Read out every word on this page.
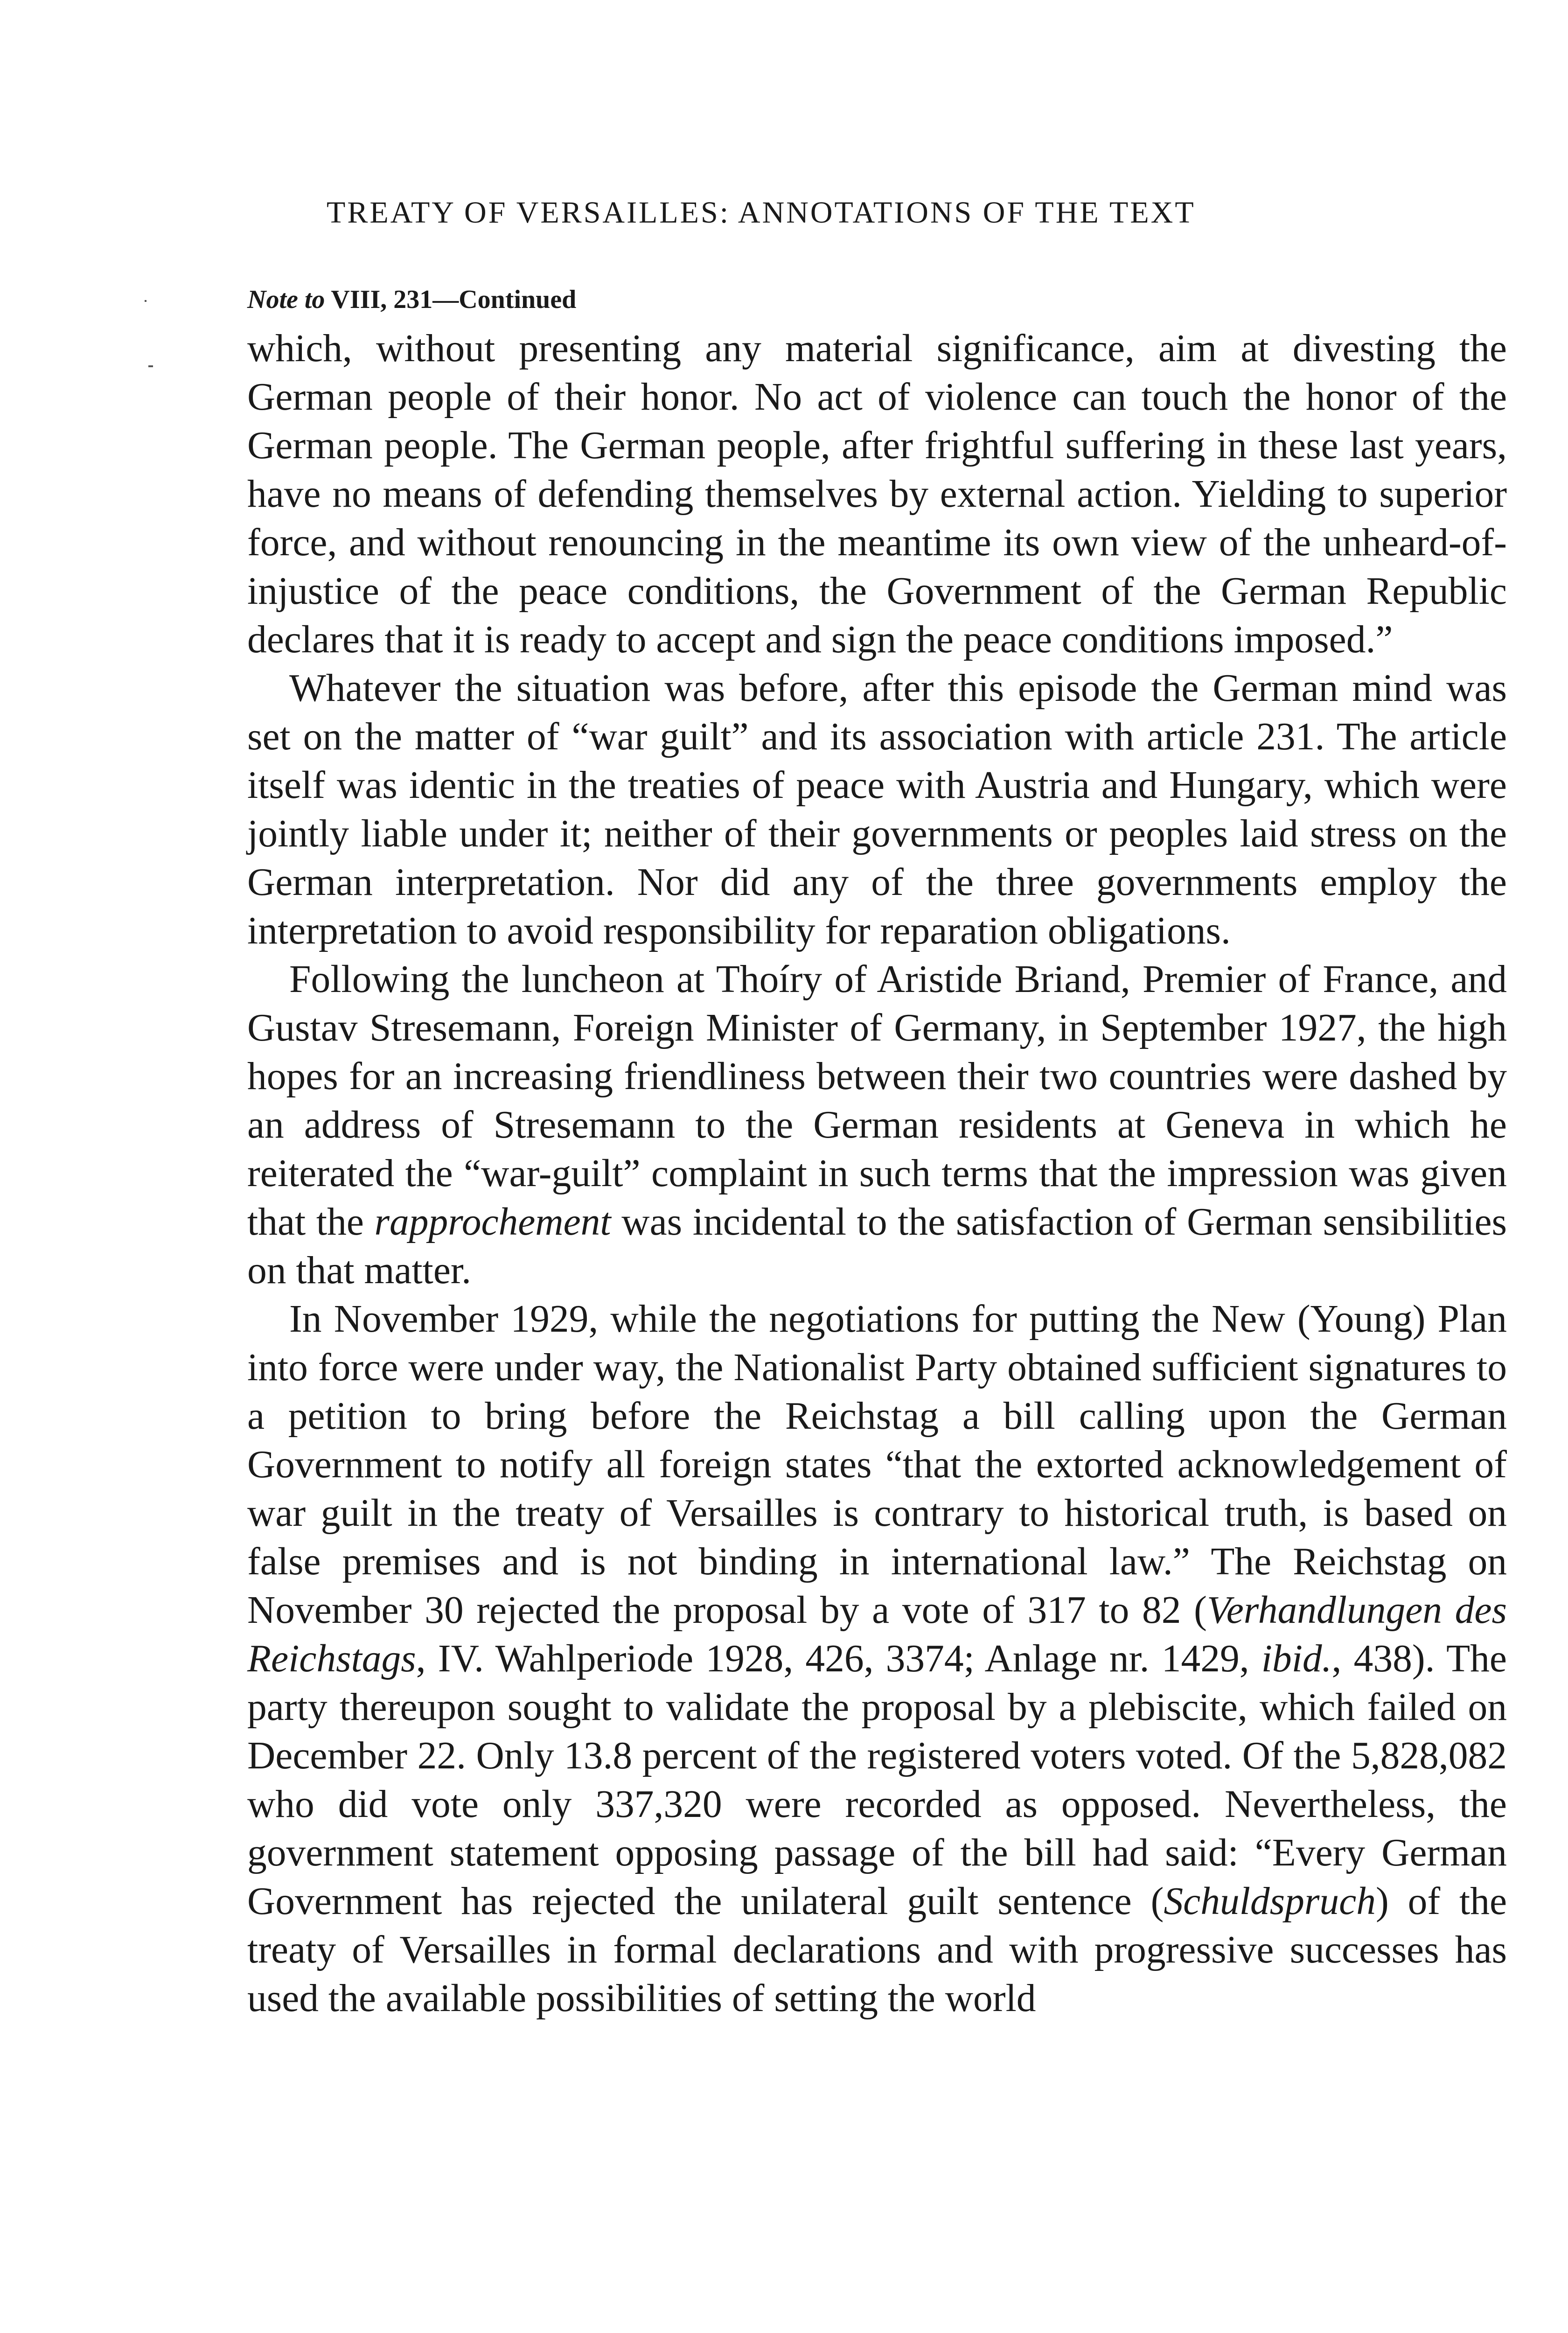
TREATY OF VERSAILLES: ANNOTATIONS OF THE TEXT
Note to VIII, 231—Continued

which, without presenting any material significance, aim at divesting the German people of their honor. No act of violence can touch the honor of the German people. The German people, after frightful suffering in these last years, have no means of defending themselves by external action. Yielding to superior force, and without renouncing in the meantime its own view of the unheard-of-injustice of the peace conditions, the Government of the German Republic declares that it is ready to accept and sign the peace conditions imposed.”

Whatever the situation was before, after this episode the German mind was set on the matter of “war guilt” and its association with article 231. The article itself was identic in the treaties of peace with Austria and Hungary, which were jointly liable under it; neither of their governments or peoples laid stress on the German interpretation. Nor did any of the three governments employ the interpretation to avoid responsibility for reparation obligations.

Following the luncheon at Thoíry of Aristide Briand, Premier of France, and Gustav Stresemann, Foreign Minister of Germany, in September 1927, the high hopes for an increasing friendliness between their two countries were dashed by an address of Stresemann to the German residents at Geneva in which he reiterated the “war-guilt” complaint in such terms that the impression was given that the rapprochement was incidental to the satisfaction of German sensibilities on that matter.

In November 1929, while the negotiations for putting the New (Young) Plan into force were under way, the Nationalist Party obtained sufficient signatures to a petition to bring before the Reichstag a bill calling upon the German Government to notify all foreign states “that the extorted acknowledgement of war guilt in the treaty of Versailles is contrary to historical truth, is based on false premises and is not binding in international law.” The Reichstag on November 30 rejected the proposal by a vote of 317 to 82 (Verhandlungen des Reichstags, IV. Wahlperiode 1928, 426, 3374; Anlage nr. 1429, ibid., 438). The party thereupon sought to validate the proposal by a plebiscite, which failed on December 22. Only 13.8 percent of the registered voters voted. Of the 5,828,082 who did vote only 337,320 were recorded as opposed. Nevertheless, the government statement opposing passage of the bill had said: “Every German Government has rejected the unilateral guilt sentence (Schuldspruch) of the treaty of Versailles in formal declarations and with progressive successes has used the available possibilities of setting the world
